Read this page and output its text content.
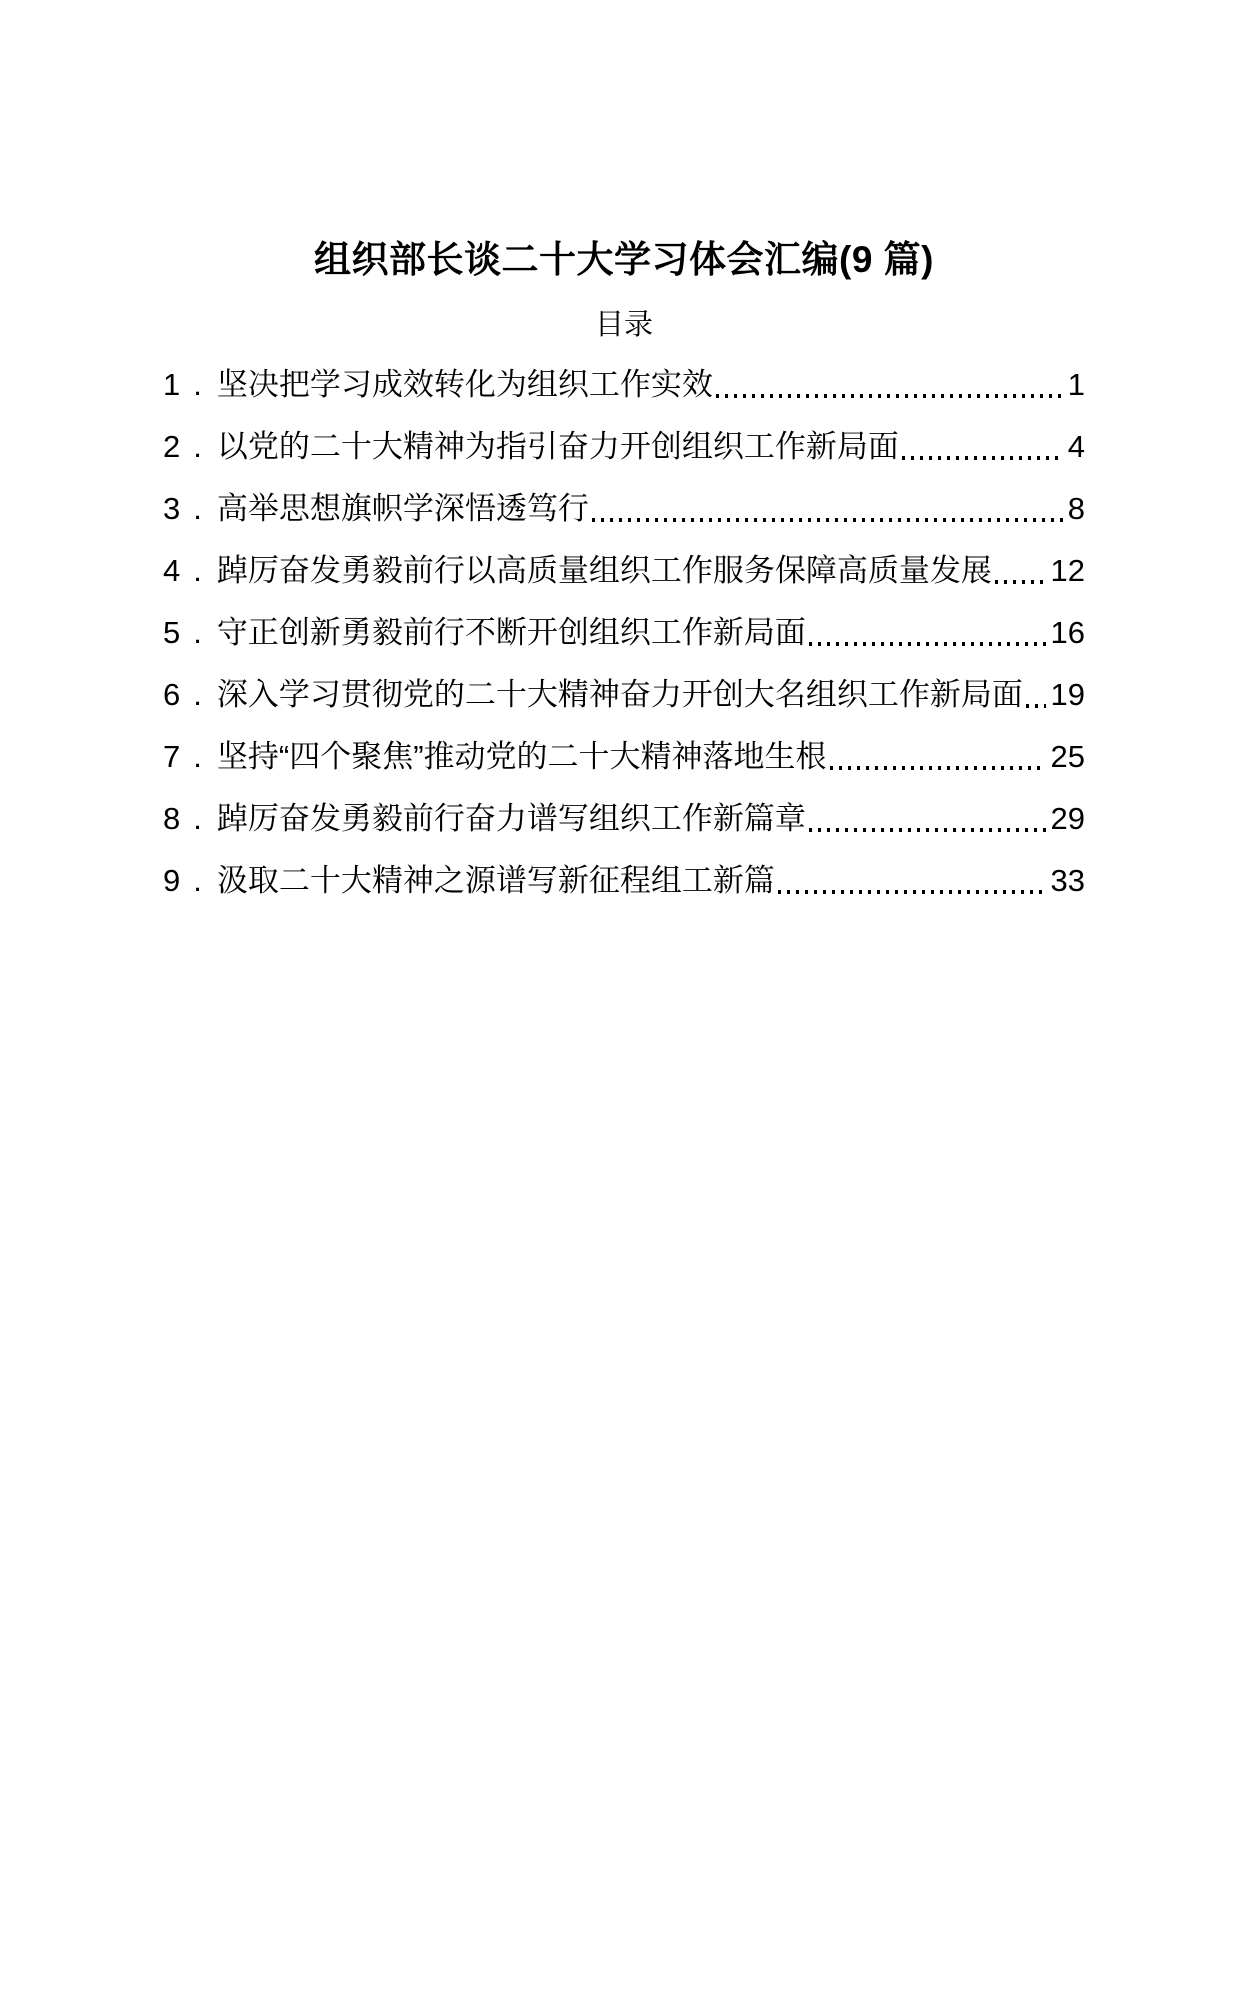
组织部长谈二十大学习体会汇编(9 篇)
目录
1 . 坚决把学习成效转化为组织工作实效	1
2 . 以党的二十大精神为指引奋力开创组织工作新局面	4
3 . 高举思想旗帜学深悟透笃行	8
4 . 踔厉奋发勇毅前行以高质量组织工作服务保障高质量发展 12
5 . 守正创新勇毅前行不断开创组织工作新局面	16
6 . 深入学习贯彻党的二十大精神奋力开创大名组织工作新局面 19
7 . 坚持“四个聚焦”推动党的二十大精神落地生根	25
8 . 踔厉奋发勇毅前行奋力谱写组织工作新篇章	29
9 . 汲取二十大精神之源谱写新征程组工新篇	33
